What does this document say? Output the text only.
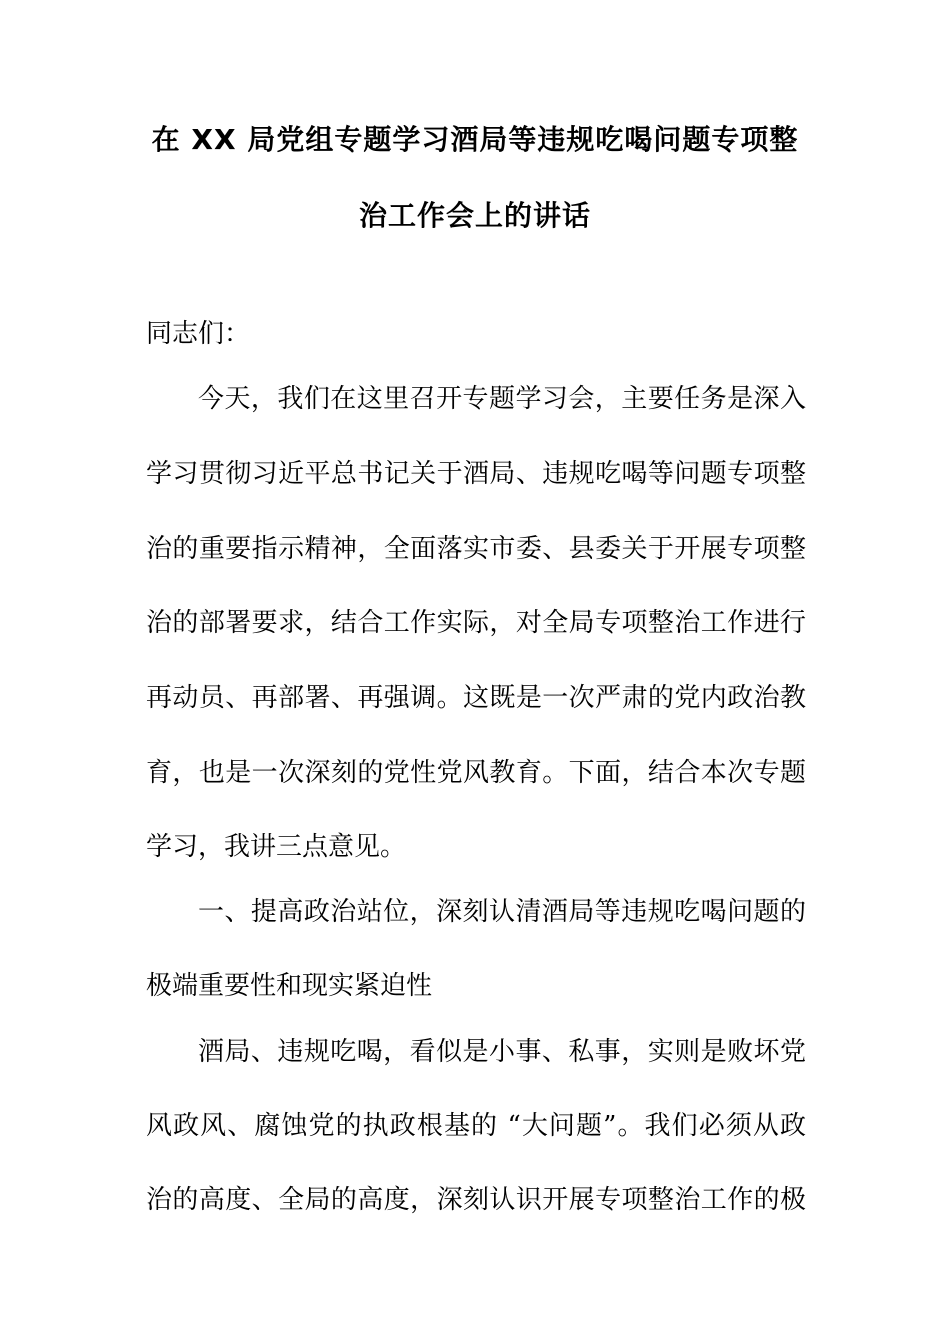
在 XX 局党组专题学习酒局等违规吃喝问题专项整
治工作会上的讲话
同志们：
今天，我们在这里召开专题学习会，主要任务是深入
学习贯彻习近平总书记关于酒局、违规吃喝等问题专项整
治的重要指示精神，全面落实市委、县委关于开展专项整
治的部署要求，结合工作实际，对全局专项整治工作进行
再动员、再部署、再强调。这既是一次严肃的党内政治教
育，也是一次深刻的党性党风教育。下面，结合本次专题
学习，我讲三点意见。
一、提高政治站位，深刻认清酒局等违规吃喝问题的
极端重要性和现实紧迫性
酒局、违规吃喝，看似是小事、私事，实则是败坏党
风政风、腐蚀党的执政根基的 “大问题”。我们必须从政
治的高度、全局的高度，深刻认识开展专项整治工作的极
